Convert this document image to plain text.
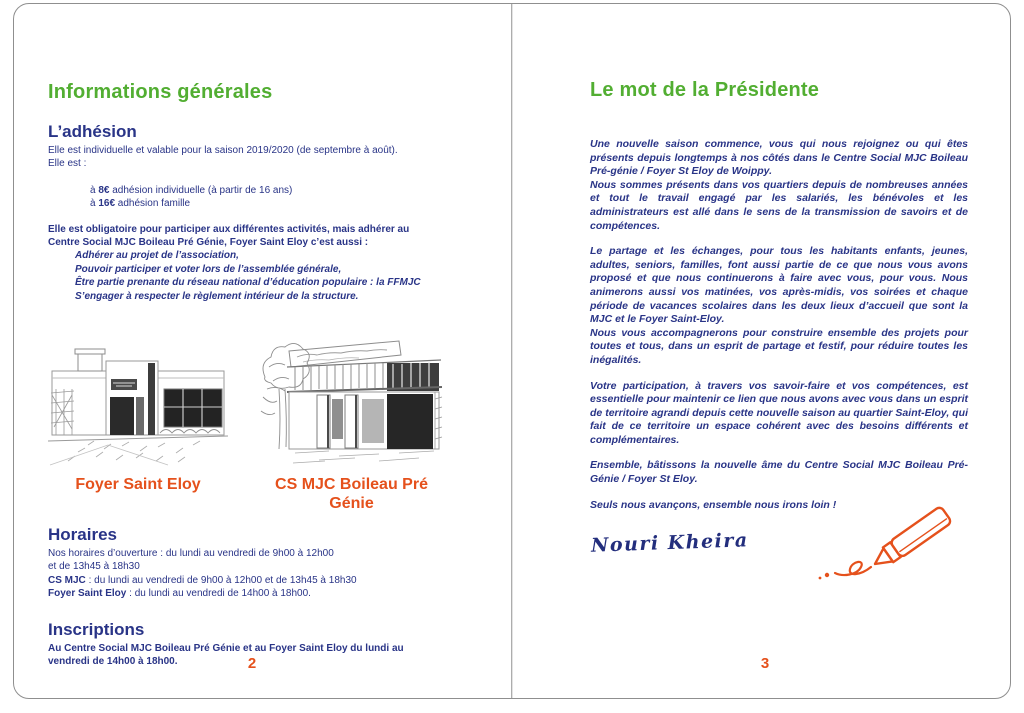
Informations générales
L’adhésion
Elle est individuelle et valable pour la saison 2019/2020 (de septembre à août).
Elle est :
à 8€ adhésion individuelle (à partir de 16 ans)
à 16€ adhésion famille
Elle est obligatoire pour participer aux différentes activités, mais adhérer au
Centre Social MJC Boileau Pré Génie, Foyer Saint Eloy c’est aussi :
Adhérer au projet de l’association,
Pouvoir participer et voter lors de l’assemblée générale,
Être partie prenante du réseau national d’éducation populaire : la FFMJC
S’engager à respecter le règlement intérieur de la structure.
Foyer Saint Eloy	CS MJC Boileau Pré Génie
Horaires
Nos horaires d’ouverture : du lundi au vendredi de 9h00 à 12h00
et de 13h45 à 18h30
CS MJC : du lundi au vendredi de 9h00 à 12h00 et de 13h45 à 18h30
Foyer Saint Eloy : du lundi au vendredi de 14h00 à 18h00.
Inscriptions
Au Centre Social MJC Boileau Pré Génie et au Foyer Saint Eloy du lundi au
vendredi de 14h00 à 18h00.
Le mot de la Présidente

Une nouvelle saison commence, vous qui nous rejoignez ou qui êtes présents depuis longtemps à nos côtés dans le Centre Social MJC Boileau Pré-génie / Foyer St Eloy de Woippy.

Nous sommes présents dans vos quartiers depuis de nombreuses années et tout le travail engagé par les salariés, les bénévoles et les administrateurs est allé dans le sens de la transmission de savoirs et de compétences.

Le partage et les échanges, pour tous les habitants enfants, jeunes, adultes, seniors, familles, font aussi partie de ce que nous vous avons proposé et que nous continuerons à faire avec vous, pour vous. Nous animerons aussi vos matinées, vos après-midis, vos soirées et chaque période de vacances scolaires dans les deux lieux d’accueil que sont la MJC et le Foyer Saint-Eloy.

Nous vous accompagnerons pour construire ensemble des projets pour toutes et tous, dans un esprit de partage et festif, pour réduire toutes les inégalités.

Votre participation, à travers vos savoir-faire et vos compétences, est essentielle pour maintenir ce lien que nous avons avec vous dans un esprit de territoire agrandi depuis cette nouvelle saison au quartier Saint-Eloy, qui fait de ce territoire un espace cohérent avec des besoins différents et complémentaires.

Ensemble, bâtissons la nouvelle âme du Centre Social MJC Boileau Pré-Génie / Foyer St Eloy.

Seuls nous avançons, ensemble nous irons loin !

Nouri Kheira
2	3
